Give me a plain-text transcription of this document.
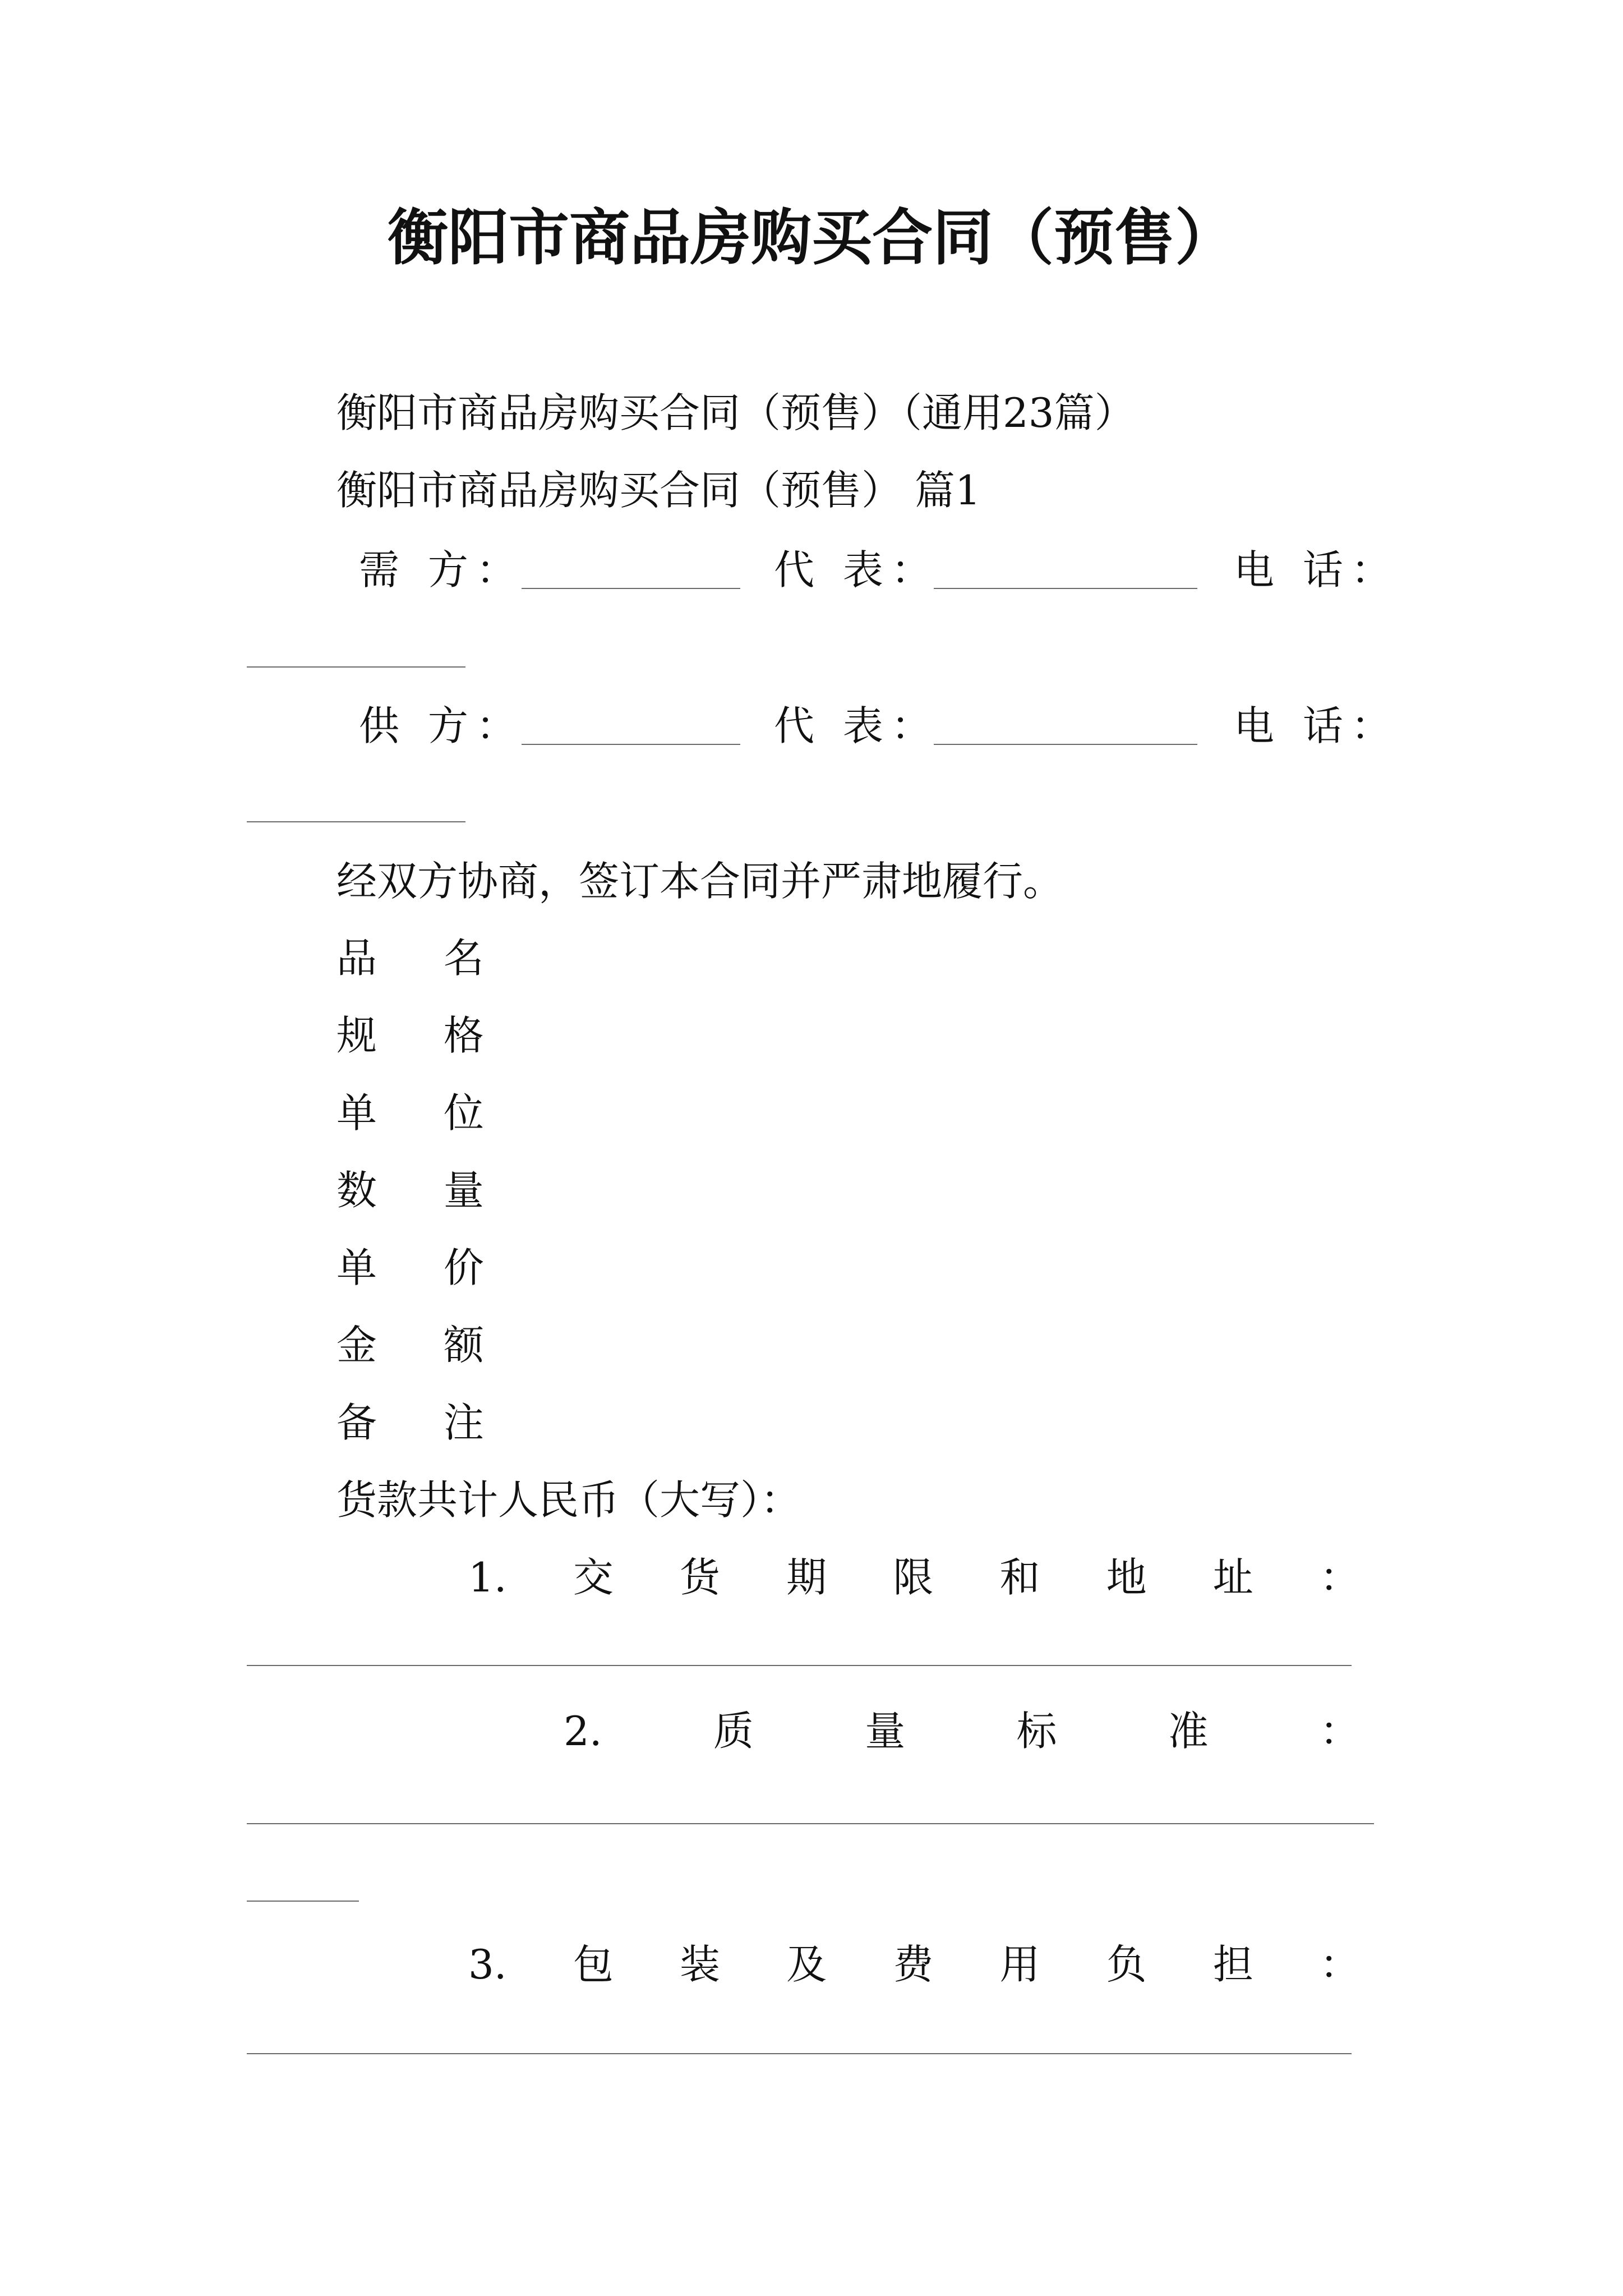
衡阳市商品房购买合同（预售）
衡阳市商品房购买合同（预售）（通用23篇）
衡阳市商品房购买合同（预售） 篇1
需 方：	代 表：	电 话：
供 方：	代 表：	电 话：
经双方协商，签订本合同并严肃地履行。
品 名
规 格
单 位
数 量
单 价
金 额
备 注
货款共计人民币（大写）：
1. 交 货 期 限 和 地 址 ：
2.	质	量	标	准	：
3. 包 装 及 费 用 负 担 ：
